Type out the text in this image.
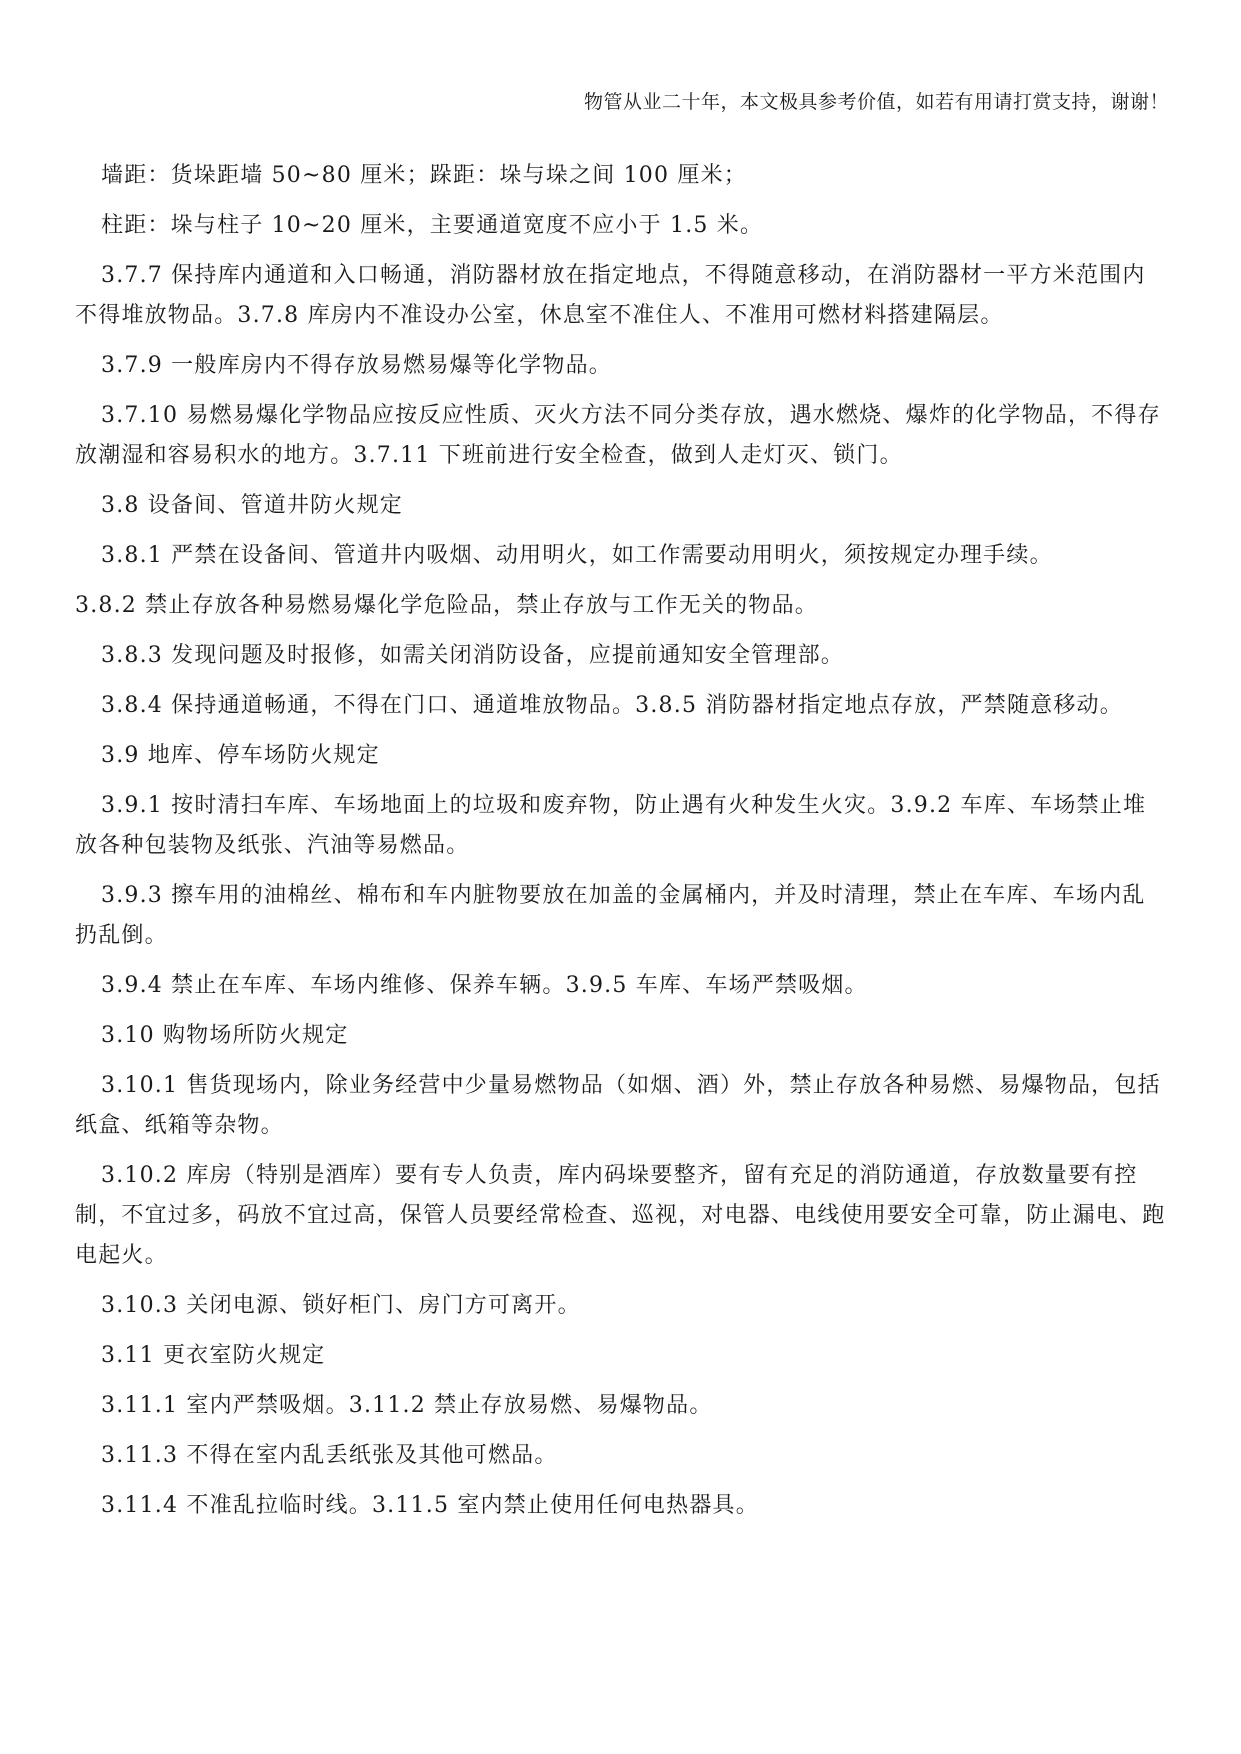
物管从业二十年，本文极具参考价值，如若有用请打赏支持，谢谢！

墙距：货垛距墙 50~80 厘米；跺距：垛与垛之间 100 厘米；

柱距：垛与柱子 10~20 厘米，主要通道宽度不应小于 1.5 米。

3.7.7 保持库内通道和入口畅通，消防器材放在指定地点，不得随意移动，在消防器材一平方米范围内不得堆放物品。3.7.8 库房内不准设办公室，休息室不准住人、不准用可燃材料搭建隔层。

3.7.9 一般库房内不得存放易燃易爆等化学物品。

3.7.10 易燃易爆化学物品应按反应性质、灭火方法不同分类存放，遇水燃烧、爆炸的化学物品，不得存放潮湿和容易积水的地方。3.7.11 下班前进行安全检查，做到人走灯灭、锁门。

3.8 设备间、管道井防火规定

3.8.1 严禁在设备间、管道井内吸烟、动用明火，如工作需要动用明火，须按规定办理手续。

3.8.2 禁止存放各种易燃易爆化学危险品，禁止存放与工作无关的物品。

3.8.3 发现问题及时报修，如需关闭消防设备，应提前通知安全管理部。

3.8.4 保持通道畅通，不得在门口、通道堆放物品。3.8.5 消防器材指定地点存放，严禁随意移动。

3.9 地库、停车场防火规定

3.9.1 按时清扫车库、车场地面上的垃圾和废弃物，防止遇有火种发生火灾。3.9.2 车库、车场禁止堆放各种包装物及纸张、汽油等易燃品。

3.9.3 擦车用的油棉丝、棉布和车内脏物要放在加盖的金属桶内，并及时清理，禁止在车库、车场内乱扔乱倒。

3.9.4 禁止在车库、车场内维修、保养车辆。3.9.5 车库、车场严禁吸烟。

3.10 购物场所防火规定

3.10.1 售货现场内，除业务经营中少量易燃物品（如烟、酒）外，禁止存放各种易燃、易爆物品，包括纸盒、纸箱等杂物。

3.10.2 库房（特别是酒库）要有专人负责，库内码垛要整齐，留有充足的消防通道，存放数量要有控制，不宜过多，码放不宜过高，保管人员要经常检查、巡视，对电器、电线使用要安全可靠，防止漏电、跑电起火。

3.10.3 关闭电源、锁好柜门、房门方可离开。

3.11 更衣室防火规定

3.11.1 室内严禁吸烟。3.11.2 禁止存放易燃、易爆物品。

3.11.3 不得在室内乱丢纸张及其他可燃品。

3.11.4 不准乱拉临时线。3.11.5 室内禁止使用任何电热器具。
